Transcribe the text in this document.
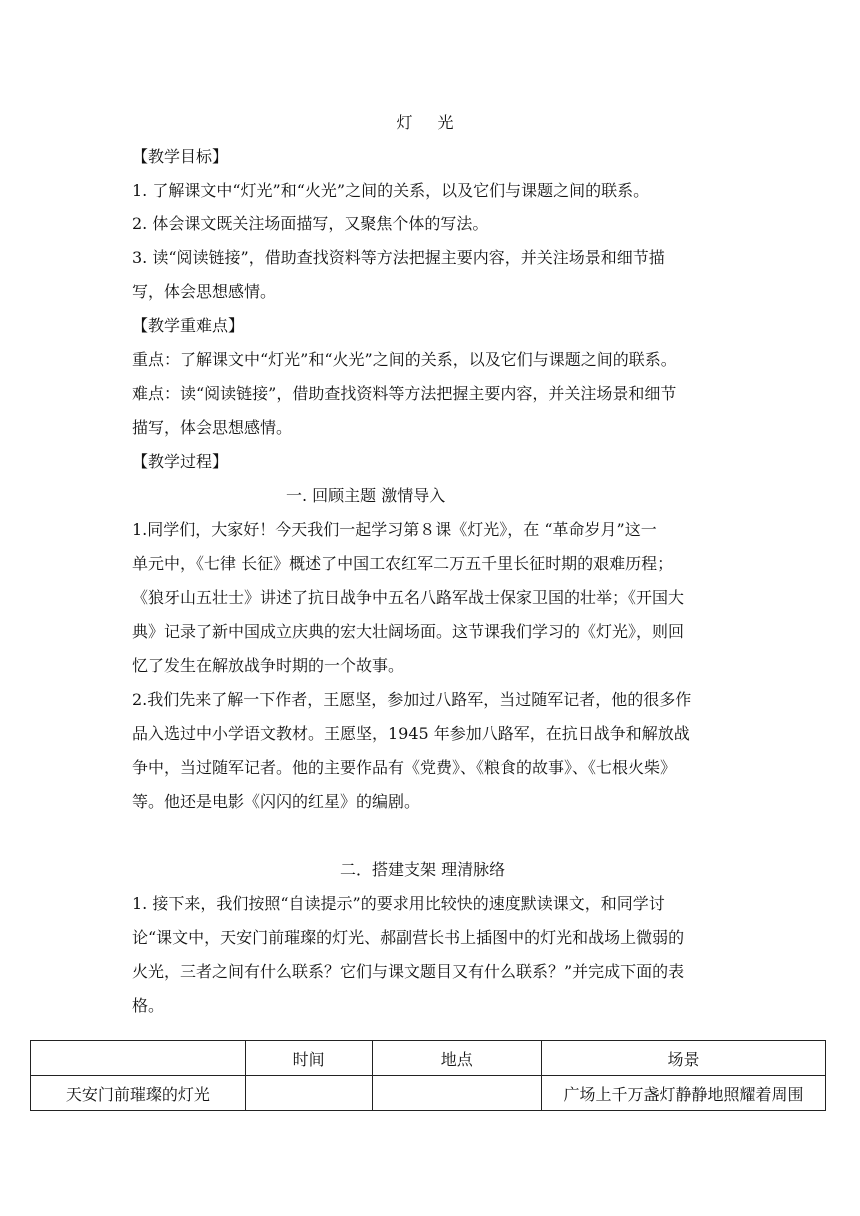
灯 光
【教学目标】
1. 了解课文中“灯光”和“火光”之间的关系，以及它们与课题之间的联系。
2. 体会课文既关注场面描写，又聚焦个体的写法。
3. 读“阅读链接”，借助查找资料等方法把握主要内容，并关注场景和细节描
写，体会思想感情。
【教学重难点】
重点：了解课文中“灯光”和“火光”之间的关系，以及它们与课题之间的联系。
难点：读“阅读链接”，借助查找资料等方法把握主要内容，并关注场景和细节
描写，体会思想感情。
【教学过程】
一. 回顾主题 激情导入
1.同学们，大家好！今天我们一起学习第８课《灯光》，在 “革命岁月”这一
单元中，《七律 长征》概述了中国工农红军二万五千里长征时期的艰难历程；
《狼牙山五壮士》讲述了抗日战争中五名八路军战士保家卫国的壮举；《开国大
典》记录了新中国成立庆典的宏大壮阔场面。这节课我们学习的《灯光》，则回
忆了发生在解放战争时期的一个故事。
2.我们先来了解一下作者，王愿坚，参加过八路军，当过随军记者，他的很多作
品入选过中小学语文教材。王愿坚，1945 年参加八路军，在抗日战争和解放战
争中，当过随军记者。他的主要作品有《党费》、《粮食的故事》、《七根火柴》
等。他还是电影《闪闪的红星》的编剧。
二．搭建支架 理清脉络
1. 接下来，我们按照“自读提示”的要求用比较快的速度默读课文，和同学讨
论“课文中，天安门前璀璨的灯光、郝副营长书上插图中的灯光和战场上微弱的
火光，三者之间有什么联系？它们与课文题目又有什么联系？”并完成下面的表
格。
	时间	地点	场景
天安门前璀璨的灯光			广场上千万盏灯静静地照耀着周围
